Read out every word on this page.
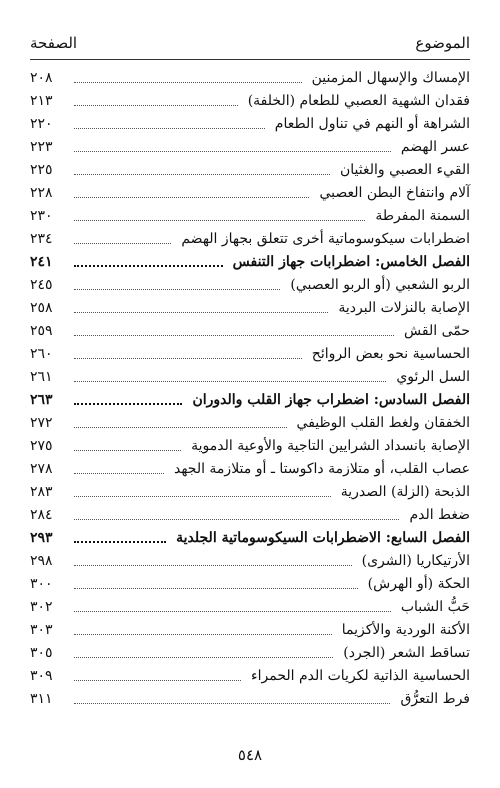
الصفحة	الموضوع
الإمساك والإسهال المزمنين
٢٠٨
فقدان الشهية العصبي للطعام (الخلفة)
٢١٣
الشراهة أو النهم في تناول الطعام
٢٢٠
عسر الهضم
٢٢٣
القيء العصبي والغثيان
٢٢٥
آلام وانتفاخ البطن العصبي
٢٢٨
السمنة المفرطة
٢٣٠
اضطرابات سيكوسوماتية أخرى تتعلق بجهاز الهضم
٢٣٤
الفصل الخامس: اضطرابات جهاز التنفس
٢٤١
الربو الشعبي (أو الربو العصبي)
٢٤٥
الإصابة بالنزلات البردية
٢٥٨
حمّى القش
٢٥٩
الحساسية نحو بعض الروائح
٢٦٠
السل الرئوي
٢٦١
الفصل السادس: اضطراب جهاز القلب والدوران
٢٦٣
الخفقان ولغط القلب الوظيفي
٢٧٢
الإصابة بانسداد الشرايين التاجية والأوعية الدموية
٢٧٥
عصاب القلب، أو متلازمة داكوستا ـ أو متلازمة الجهد
٢٧٨
الذبحة (الزلة) الصدرية
٢٨٣
ضغط الدم
٢٨٤
الفصل السابع: الاضطرابات السيكوسوماتية الجلدية
٢٩٣
الأرتيكاريا (الشرى)
٢٩٨
الحكة (أو الهرش)
٣٠٠
حَبُّ الشباب
٣٠٢
الأكنة الوردية والأكزيما
٣٠٣
تساقط الشعر (الجرد)
٣٠٥
الحساسية الذاتية لكريات الدم الحمراء
٣٠٩
فرط التعرُّق
٣١١
٥٤٨
